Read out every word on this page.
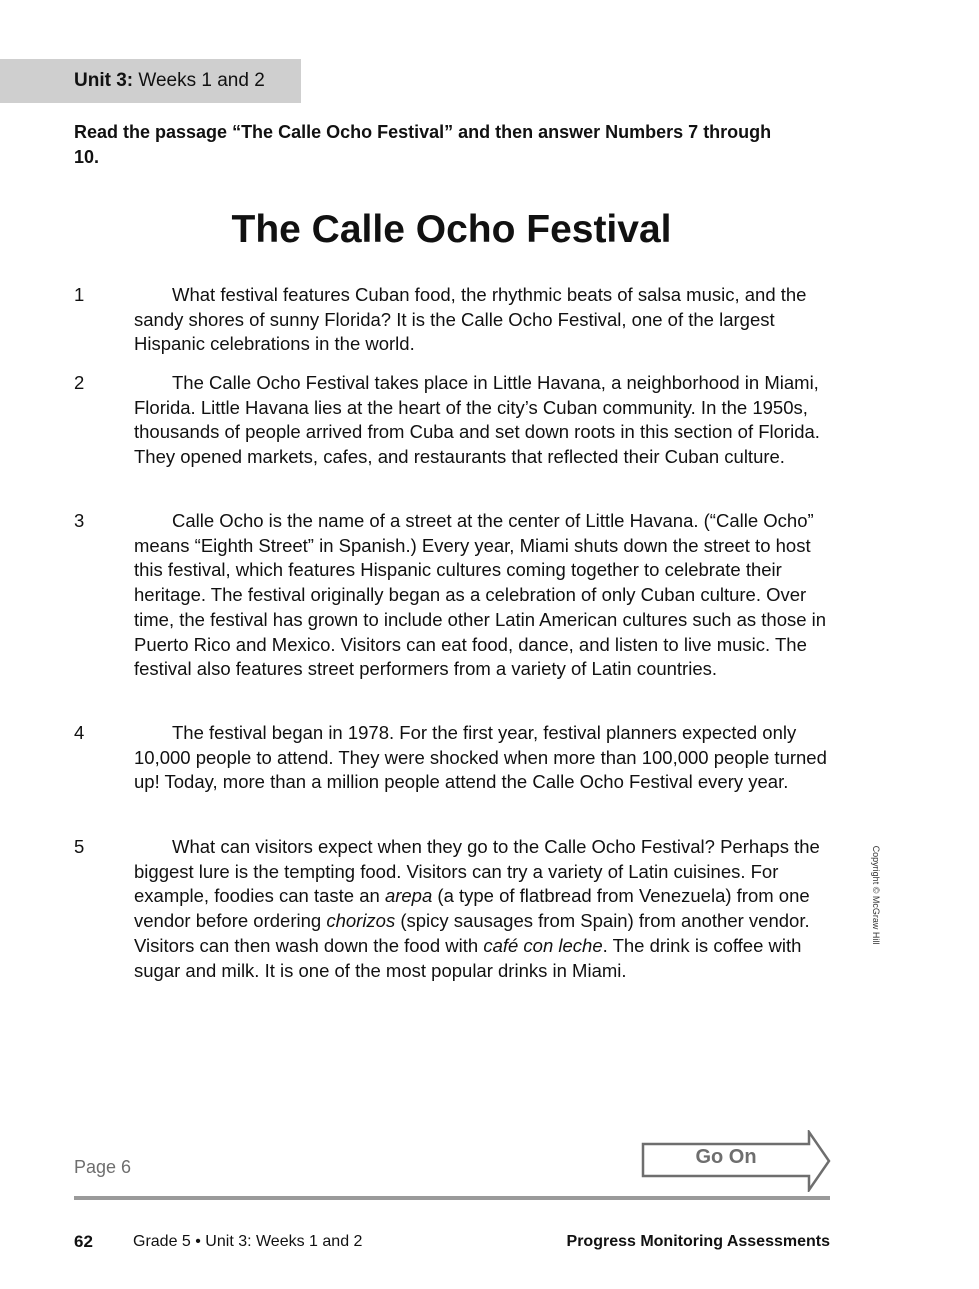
Unit 3: Weeks 1 and 2
Read the passage “The Calle Ocho Festival” and then answer Numbers 7 through 10.
The Calle Ocho Festival
1	What festival features Cuban food, the rhythmic beats of salsa music, and the sandy shores of sunny Florida? It is the Calle Ocho Festival, one of the largest Hispanic celebrations in the world.
2	The Calle Ocho Festival takes place in Little Havana, a neighborhood in Miami, Florida. Little Havana lies at the heart of the city’s Cuban community. In the 1950s, thousands of people arrived from Cuba and set down roots in this section of Florida. They opened markets, cafes, and restaurants that reflected their Cuban culture.
3	Calle Ocho is the name of a street at the center of Little Havana. (“Calle Ocho” means “Eighth Street” in Spanish.) Every year, Miami shuts down the street to host this festival, which features Hispanic cultures coming together to celebrate their heritage. The festival originally began as a celebration of only Cuban culture. Over time, the festival has grown to include other Latin American cultures such as those in Puerto Rico and Mexico. Visitors can eat food, dance, and listen to live music. The festival also features street performers from a variety of Latin countries.
4	The festival began in 1978. For the first year, festival planners expected only 10,000 people to attend. They were shocked when more than 100,000 people turned up! Today, more than a million people attend the Calle Ocho Festival every year.
5	What can visitors expect when they go to the Calle Ocho Festival? Perhaps the biggest lure is the tempting food. Visitors can try a variety of Latin cuisines. For example, foodies can taste an arepa (a type of flatbread from Venezuela) from one vendor before ordering chorizos (spicy sausages from Spain) from another vendor. Visitors can then wash down the food with café con leche. The drink is coffee with sugar and milk. It is one of the most popular drinks in Miami.
Copyright © McGraw Hill
Page 6	Go On
62	Grade 5 • Unit 3: Weeks 1 and 2	Progress Monitoring Assessments
